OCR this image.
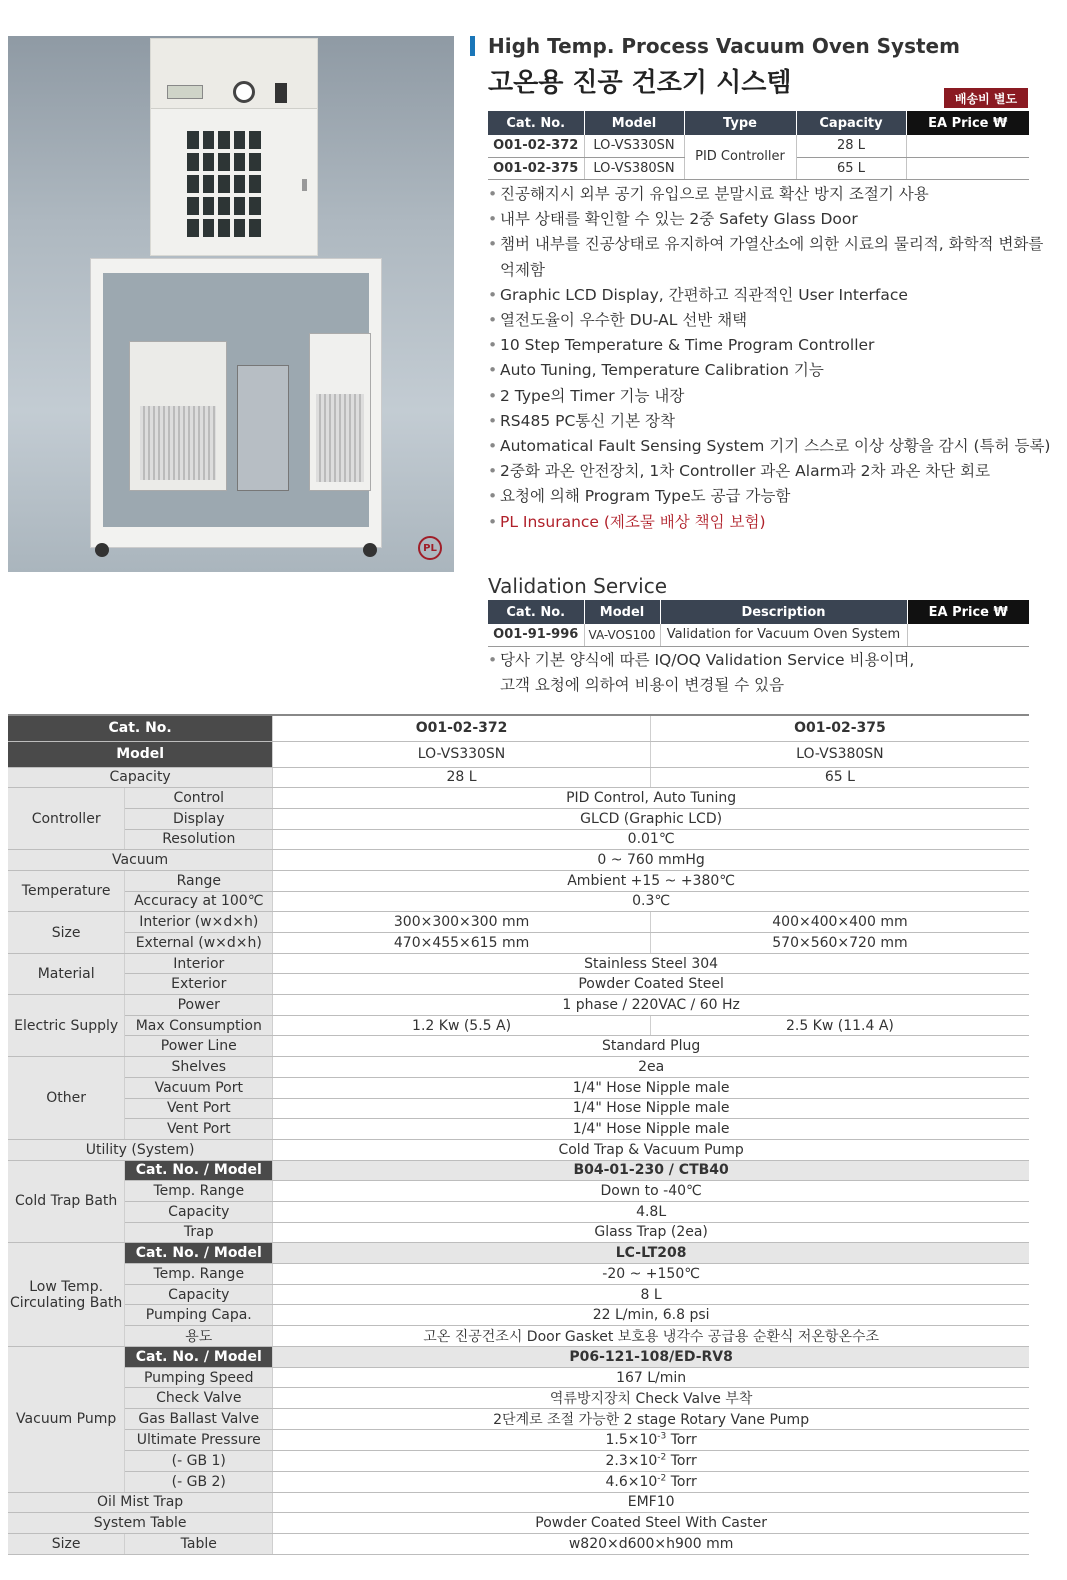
PL
High Temp. Process Vacuum Oven System
고온용 진공 건조기 시스템
배송비 별도
Cat. No.	Model	Type	Capacity	EA Price ₩
O01-02-372	LO-VS330SN	PID Controller	28 L	
O01-02-375	LO-VS380SN		65 L	
• 진공해지시 외부 공기 유입으로 분말시료 확산 방지 조절기 사용
• 내부 상태를 확인할 수 있는 2중 Safety Glass Door
• 챔버 내부를 진공상태로 유지하여 가열산소에 의한 시료의 물리적, 화학적 변화를
억제함
• Graphic LCD Display, 간편하고 직관적인 User Interface
• 열전도율이 우수한 DU-AL 선반 채택
• 10 Step Temperature & Time Program Controller
• Auto Tuning, Temperature Calibration 기능
• 2 Type의 Timer 기능 내장
• RS485 PC통신 기본 장착
• Automatical Fault Sensing System 기기 스스로 이상 상황을 감시 (특허 등록)
• 2중화 과온 안전장치, 1차 Controller 과온 Alarm과 2차 과온 차단 회로
• 요청에 의해 Program Type도 공급 가능함
• PL Insurance (제조물 배상 책임 보험)
Validation Service
Cat. No.	Model	Description	EA Price ₩
O01-91-996	VA-VOS100	Validation for Vacuum Oven System	
• 당사 기본 양식에 따른 IQ/OQ Validation Service 비용이며,
고객 요청에 의하여 비용이 변경될 수 있음
Cat. No.		O01-02-372	O01-02-375
Model		LO-VS330SN	LO-VS380SN
Capacity		28 L	65 L
Controller	Control	PID Control, Auto Tuning	
	Display	GLCD (Graphic LCD)	
	Resolution	0.01℃	
Vacuum		0 ~ 760 mmHg	
Temperature	Range	Ambient +15 ~ +380℃	
	Accuracy at 100℃	0.3℃	
Size	Interior (w×d×h)	300×300×300 mm	400×400×400 mm
	External (w×d×h)	470×455×615 mm	570×560×720 mm
Material	Interior	Stainless Steel 304	
	Exterior	Powder Coated Steel	
Electric Supply	Power	1 phase / 220VAC / 60 Hz	
	Max Consumption	1.2 Kw (5.5 A)	2.5 Kw (11.4 A)
	Power Line	Standard Plug	
Other	Shelves	2ea	
	Vacuum Port	1/4" Hose Nipple male	
	Vent Port	1/4" Hose Nipple male	
	Vent Port	1/4" Hose Nipple male	
Utility (System)		Cold Trap & Vacuum Pump	
Cold Trap Bath	Cat. No. / Model	B04-01-230 / CTB40	
	Temp. Range	Down to -40℃	
	Capacity	4.8L	
	Trap	Glass Trap (2ea)	

Low Temp.
Circulating Bath	Cat. No. / Model	LC-LT208	
	Temp. Range	-20 ~ +150℃	
	Capacity	8 L	
	Pumping Capa.	22 L/min, 6.8 psi	
	용도	고온 진공건조시 Door Gasket 보호용 냉각수 공급용 순환식 저온항온수조	
Vacuum Pump	Cat. No. / Model	P06-121-108/ED-RV8	
	Pumping Speed	167 L/min	
	Check Valve	역류방지장치 Check Valve 부착	
	Gas Ballast Valve	2단계로 조절 가능한 2 stage Rotary Vane Pump	
	Ultimate Pressure	$1.5\times 10^{-3}$ Torr	
	(- GB 1)	$2.3\times 10^{-2}$ Torr	
	(- GB 2)	$4.6\times 10^{-2}$ Torr	
Oil Mist Trap		EMF10	
System Table		Powder Coated Steel With Caster	
Size	Table	w820×d600×h900 mm	
